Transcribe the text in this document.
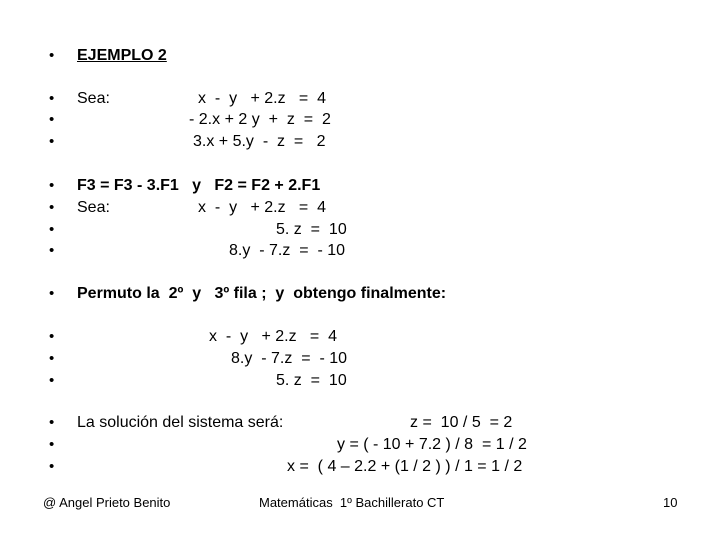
•
•
•
•
•
•
•
•
•
•
•
•
•
•
•
EJEMPLO 2
Sea:	x  -  y   + 2.z   =  4
- 2.x + 2 y  +  z  =  2
3.x + 5.y  -  z  =   2
F3 = F3 - 3.F1   y   F2 = F2 + 2.F1
Sea:	x  -  y   + 2.z   =  4
5. z  =  10
8.y  - 7.z  =  - 10
Permuto la  2º  y   3º fila ;  y  obtengo finalmente:
x  -  y   + 2.z   =  4
8.y  - 7.z  =  - 10
5. z  =  10
La solución del sistema será:	z =  10 / 5  = 2
y = ( - 10 + 7.2 ) / 8  = 1 / 2
x =  ( 4 – 2.2 + (1 / 2 ) ) / 1 = 1 / 2
@ Angel Prieto Benito	Matemáticas  1º Bachillerato CT	10
